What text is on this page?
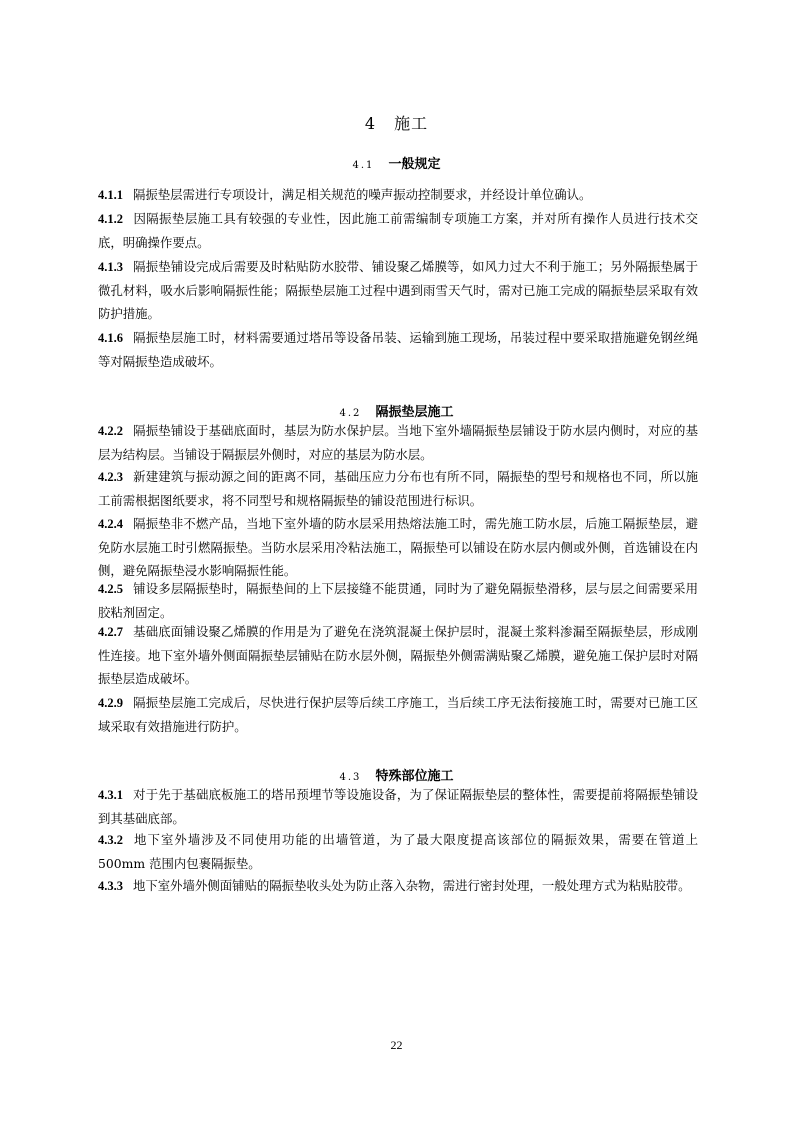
4 施工
4.1 一般规定
4.1.1 隔振垫层需进行专项设计，满足相关规范的噪声振动控制要求，并经设计单位确认。
4.1.2 因隔振垫层施工具有较强的专业性，因此施工前需编制专项施工方案，并对所有操作人员进行技术交底，明确操作要点。
4.1.3 隔振垫铺设完成后需要及时粘贴防水胶带、铺设聚乙烯膜等，如风力过大不利于施工；另外隔振垫属于微孔材料，吸水后影响隔振性能；隔振垫层施工过程中遇到雨雪天气时，需对已施工完成的隔振垫层采取有效防护措施。
4.1.6 隔振垫层施工时，材料需要通过塔吊等设备吊装、运输到施工现场，吊装过程中要采取措施避免钢丝绳等对隔振垫造成破坏。
4.2 隔振垫层施工
4.2.2 隔振垫铺设于基础底面时，基层为防水保护层。当地下室外墙隔振垫层铺设于防水层内侧时，对应的基层为结构层。当铺设于隔振层外侧时，对应的基层为防水层。
4.2.3 新建建筑与振动源之间的距离不同，基础压应力分布也有所不同，隔振垫的型号和规格也不同，所以施工前需根据图纸要求，将不同型号和规格隔振垫的铺设范围进行标识。
4.2.4 隔振垫非不燃产品，当地下室外墙的防水层采用热熔法施工时，需先施工防水层，后施工隔振垫层，避免防水层施工时引燃隔振垫。当防水层采用冷粘法施工，隔振垫可以铺设在防水层内侧或外侧，首选铺设在内侧，避免隔振垫浸水影响隔振性能。
4.2.5 铺设多层隔振垫时，隔振垫间的上下层接缝不能贯通，同时为了避免隔振垫滑移，层与层之间需要采用胶粘剂固定。
4.2.7 基础底面铺设聚乙烯膜的作用是为了避免在浇筑混凝土保护层时，混凝土浆料渗漏至隔振垫层，形成刚性连接。地下室外墙外侧面隔振垫层铺贴在防水层外侧，隔振垫外侧需满贴聚乙烯膜，避免施工保护层时对隔振垫层造成破坏。
4.2.9 隔振垫层施工完成后，尽快进行保护层等后续工序施工，当后续工序无法衔接施工时，需要对已施工区域采取有效措施进行防护。
4.3 特殊部位施工
4.3.1 对于先于基础底板施工的塔吊预埋节等设施设备，为了保证隔振垫层的整体性，需要提前将隔振垫铺设到其基础底部。
4.3.2 地下室外墙涉及不同使用功能的出墙管道，为了最大限度提高该部位的隔振效果，需要在管道上500mm 范围内包裹隔振垫。
4.3.3 地下室外墙外侧面铺贴的隔振垫收头处为防止落入杂物，需进行密封处理，一般处理方式为粘贴胶带。
22
